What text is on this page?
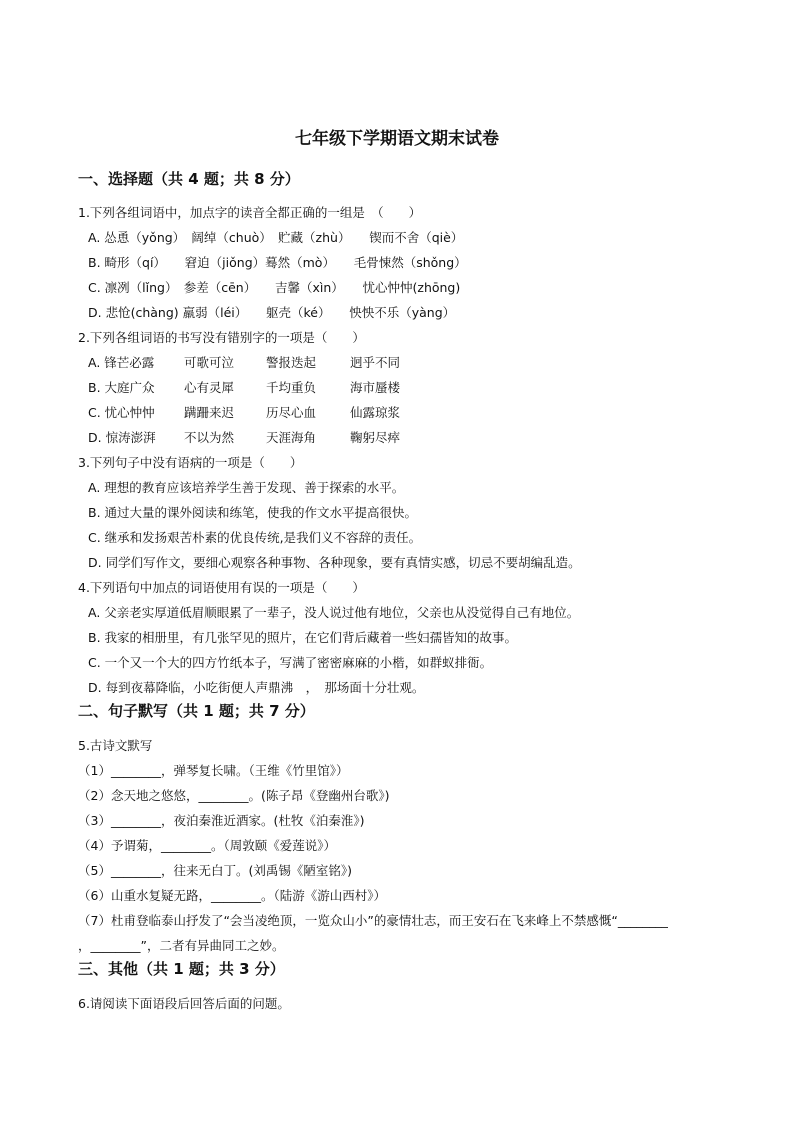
七年级下学期语文期末试卷
一、选择题（共 4 题；共 8 分）
1.下列各组词语中，加点字的读音全都正确的一组是　（　　）
A. 怂恿（yǒng）　阔绰（chuò）　贮藏（zhù）　　锲而不舍（qiè）
B. 畸形（qí）　　窘迫（jiǒng）蓦然（mò）　　毛骨悚然（shǒng）
C. 凛冽（lǐng）　参差（cēn）　　吉馨（xìn）　　忧心忡忡(zhōng)
D. 悲怆(chàng) 羸弱（léi）　　躯壳（ké）　　怏怏不乐（yàng）
2.下列各组词语的书写没有错别字的一项是（　　）
A. 锋芒必露 可歌可泣	警报迭起	迥乎不同
B. 大庭广众 心有灵犀	千均重负	海市蜃楼
C. 忧心忡忡 蹒跚来迟	历尽心血	仙露琼浆
D. 惊涛澎湃 不以为然	天涯海角	鞠躬尽瘁
3.下列句子中没有语病的一项是（　　）
A. 理想的教育应该培养学生善于发现、善于探索的水平。
B. 通过大量的课外阅读和练笔，使我的作文水平提高很快。
C. 继承和发扬艰苦朴素的优良传统,是我们义不容辞的责任。
D. 同学们写作文，要细心观察各种事物、各种现象，要有真情实感，切忌不要胡编乱造。
4.下列语句中加点的词语使用有误的一项是（　　）
A. 父亲老实厚道低眉顺眼累了一辈子，没人说过他有地位，父亲也从没觉得自己有地位。
B. 我家的相册里，有几张罕见的照片，在它们背后藏着一些妇孺皆知的故事。
C. 一个又一个大的四方竹纸本子，写满了密密麻麻的小楷，如群蚁排衙。
D. 每到夜幕降临，小吃街便人声鼎沸　，　那场面十分壮观。
二、句子默写（共 1 题；共 7 分）
5.古诗文默写
（1）________，弹琴复长啸。（王维《竹里馆》）
（2）念天地之悠悠，________。(陈子昂《登幽州台歌》)
（3）________，夜泊秦淮近酒家。(杜牧《泊秦淮》)
（4）予谓菊，________。（周敦颐《爱莲说》）
（5）________，往来无白丁。(刘禹锡《陋室铭》)
（6）山重水复疑无路，________。（陆游《游山西村》）
（7）杜甫登临泰山抒发了“会当凌绝顶，一览众山小”的豪情壮志，而王安石在飞来峰上不禁感慨“________
，________”，二者有异曲同工之妙。
三、其他（共 1 题；共 3 分）
6.请阅读下面语段后回答后面的问题。
